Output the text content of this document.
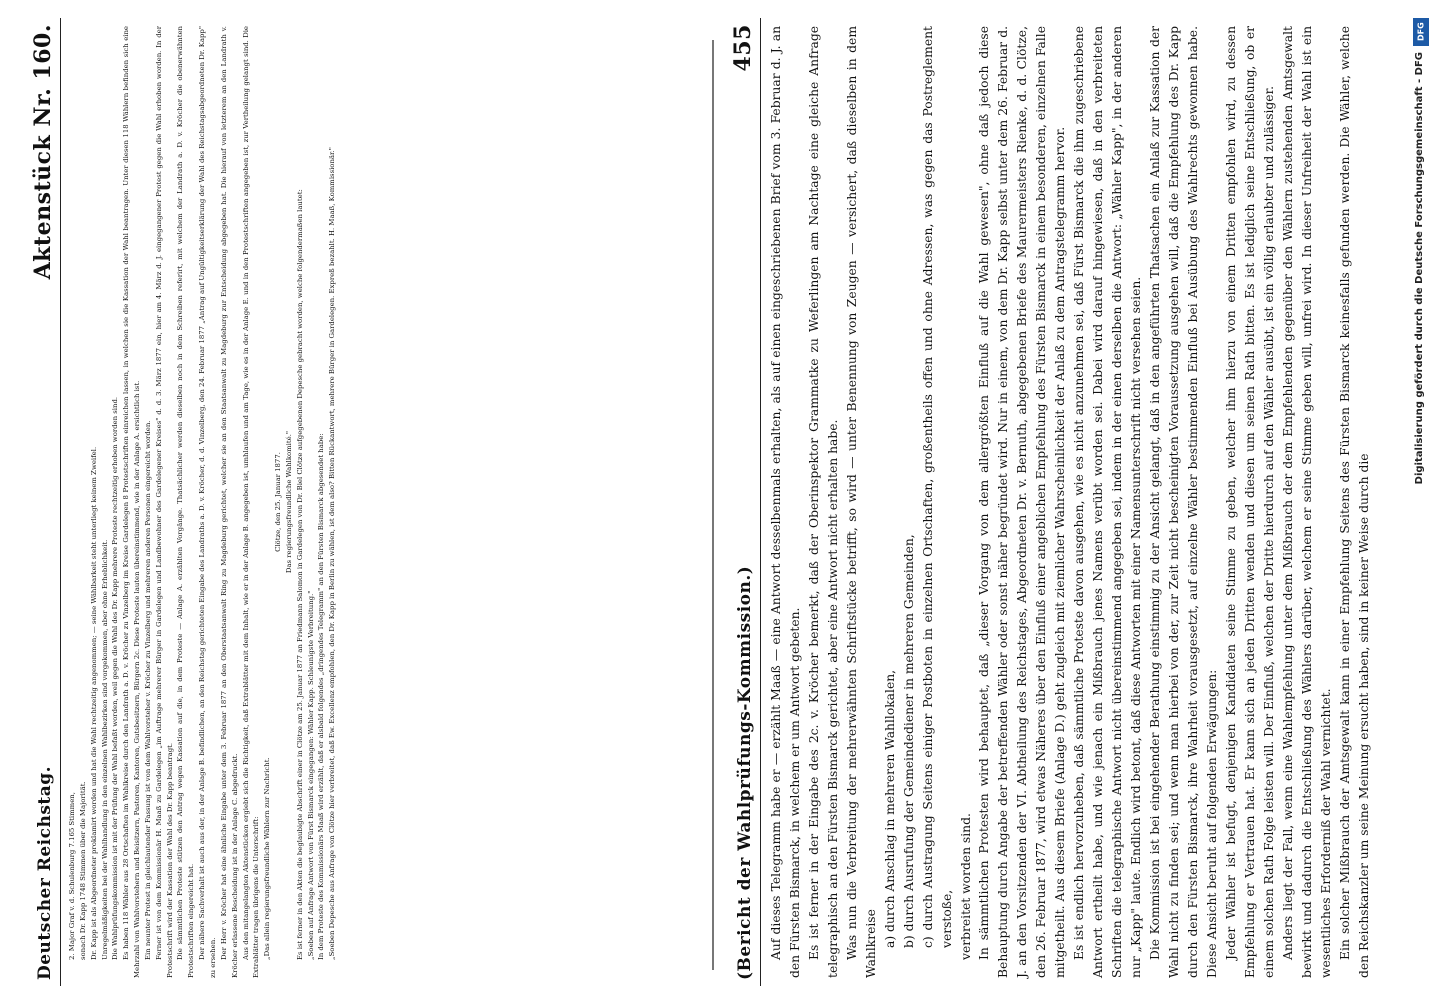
Deutscher Reichstag.
Aktenstück Nr. 160.

2. Major Graf v. d. Schulenburg 7.165 Stimmen, sonach Dr. Kapp 1748 Stimmen über die Majorität. Dr. Kapp ist als Abgeordneter proklamirt worden und hat die Wahl rechtzeitig angenommen; — seine Wählbarkeit steht unterliegt keinem Zweifel. Unregelmäßigkeiten bei der Wahlhandlung in den einzelnen Wahlbezirken sind vorgekommen, aber ohne Erheblichkeit. Die Wahlprüfungskommission ist mit der Prüfung der Wahl befaßt worden, weil gegen die Wahl des Dr. Kapp mehrere Proteste rechtzeitig erhoben worden sind. Es haben 118 Wähler aus 28 Ortschaften im Wahlkreise durch den Landrath a. D. v. Kröcher zu Vinzelberg im Kreise Gardelegen 8 Protestschriften einreichen lassen, in welchen sie die Kassation der Wahl beantragen. Unter diesen 118 Wählern befinden sich eine Mehrzahl von Wahlvorstehern und Beisitzern, Pastoren, Kantoren, Gutsbesitzern, Bürgern 2c. Diese Proteste lauten übereinstimmend, wie in der Anlage A. ersichtlich ist. Ein neunter Protest in gleichlautender Fassung ist von dem Wahlvorsteher v. Kröcher zu Vinzelberg und mehreren anderen Personen eingereicht worden. Ferner ist von dem Kommissionär H. Maaß zu Gardelegen „im Auftrage mehrerer Bürger in Gardelegen und Landbewohner des Gardelegener Kreises" d. d. 3. März 1877 ein, hier am 4. März d. J. eingegangener Protest gegen die Wahl erhoben worden. In der Protestschrift wird der Kassation der Wahl des Dr. Kapp beantragt. Die sämmtlichen Proteste stützen den Antrag wegen Kassation auf die, in dem Proteste — Anlage A. erzählten Vorgänge. Thatsächlicher werden dieselben noch in dem Schreiben referirt, mit welchem der Landrath a. D. v. Kröcher die obenerwähnten Protestschriften eingereicht hat. Der nähere Sachverhalt ist auch aus der, in der Anlage B. befindlichen, an den Reichstag gerichteten Eingabe des Landraths a. D. v. Kröcher, d. d. Vinzelberg, den 24. Februar 1877 „Antrag auf Ungültigkeitserklärung der Wahl des Reichstagsabgeordneten Dr. Kapp" zu ersehen. Der Herr v. Kröcher hat eine ähnliche Eingabe unter dem 3. Februar 1877 an den Oberstaatsanwalt Ring zu Magdeburg gerichtet, welcher sie an den Staatsanwalt zu Magdeburg zur Entscheidung abgegeben hat. Die hierauf von letzterem an den Landrath v. Kröcher erlassene Bescheidung ist in der Anlage C. abgedruckt. Aus den mitangelangten Aktenstücken ergiebt sich die Richtigkeit, daß Extrablätter mit dem Inhalt, wie er in der Anlage B. angegeben ist, umhlaufen und am Tage, wie es in der Anlage E. und in den Protestschriften angegeben ist, zur Vertheilung gelangt sind. Die Extrablätter tragen übrigens die Unterschrift: „Das allein regierungsfreundliche Wählern zur Nachricht.

Clötze, den 25. Januar 1877. Das regierungsfreundliche Wahlkomité." Es ist ferner in den Akten die beglaubigte Abschrift einer in Clötze am 25. Januar 1877 an Friedmann Salomon in Gardelegen von Dr. Biel Clötze aufgegebenen Depesche gebracht worden, welche folgendermaßen lautet: „Soeben auf Anfrage Antwort von Fürst Bismarck eingegangen: Wähler Kapp. Schleunigste Verbreitung." In dem Proteste des Kommissionärs Maaß wird erzählt, daß er alsbald folgendes „dringendes Telegramm" an den Fürsten Bismarck abgesendet habe: „Soeben Depesche aus Anfrage von Clötze hier verbreitet, daß Ew. Excellenz empfohlen, den Dr. Kapp in Berlin zu wählen, ist dem also? Bitten Rückantwort, mehrere Bürger in Gardelegen. Expreß bezahlt. H. Maaß, Kommissionär."	(Bericht der Wahlprüfungs-Kommission.)
455 Auf dieses Telegramm habe er — erzählt Maaß — eine Antwort desselbenmals erhalten, als auf einen eingeschriebenen Brief vom 3. Februar d. J. an den Fürsten Bismarck, in welchem er um Antwort gebeten. Es ist ferner in der Eingabe des 2c. v. Kröcher bemerkt, daß der Oberinspektor Grammatke zu Weferlingen am Nachtage eine gleiche Anfrage telegraphisch an den Fürsten Bismarck gerichtet, aber eine Antwort nicht erhalten habe. Was nun die Verbreitung der mehrerwähnten Schriftstücke betrifft, so wird — unter Benennung von Zeugen — versichert, daß dieselben in dem Wahlkreise a) durch Anschlag in mehreren Wahllokalen, b) durch Ausrufung der Gemeindediener in mehreren Gemeinden, c) durch Austragung Seitens einiger Postboten in einzelnen Ortschaften, großentheils offen und ohne Adressen, was gegen das Postreglement verstoße, verbreitet worden sind. In sämmtlichen Protesten wird behauptet, daß „dieser Vorgang von dem allergrößten Einfluß auf die Wahl gewesen", ohne daß jedoch diese Behauptung durch Angabe der betreffenden Wähler oder sonst näher begründet wird. Nur in einem, von dem Dr. Kapp selbst unter dem 26. Februar d. J. an den Vorsitzenden der VI. Abtheilung des Reichstages, Abgeordneten Dr. v. Bernuth, abgegebenen Briefe des Maurermeisters Rienke, d. d. Clötze, den 26. Februar 1877, wird etwas Näheres über den Einfluß einer angeblichen Empfehlung des Fürsten Bismarck in einem besonderen, einzelnen Falle mitgetheilt. Aus diesem Briefe (Anlage D.) geht zugleich mit ziemlicher Wahrscheinlichkeit der Anlaß zu dem Antragstelegramm hervor. Es ist endlich hervorzuheben, daß sämmtliche Proteste davon ausgehen, wie es nicht anzunehmen sei, daß Fürst Bismarck die ihm zugeschriebene Antwort ertheilt habe, und wie jenach ein Mißbrauch jenes Namens verübt worden sei. Dabei wird darauf hingewiesen, daß in den verbreiteten Schriften die telegraphische Antwort nicht übereinstimmend angegeben sei, indem in der einen derselben die Antwort: „Wähler Kapp", in der anderen nur „Kapp" laute. Endlich wird betont, daß diese Antworten mit einer Namensunterschrift nicht versehen seien. Die Kommission ist bei eingehender Berathung einstimmig zu der Ansicht gelangt, daß in den angeführten Thatsachen ein Anlaß zur Kassation der Wahl nicht zu finden sei; und wenn man hierbei von der, zur Zeit nicht bescheinigten Voraussetzung ausgehen will, daß die Empfehlung des Dr. Kapp durch den Fürsten Bismarck, ihre Wahrheit vorausgesetzt, auf einzelne Wähler bestimmenden Einfluß bei Ausübung des Wahlrechts gewonnen habe. Diese Ansicht beruht auf folgenden Erwägungen: Jeder Wähler ist befugt, denjenigen Kandidaten seine Stimme zu geben, welcher ihm hierzu von einem Dritten empfohlen wird, zu dessen Empfehlung er Vertrauen hat. Er kann sich an jeden Dritten wenden und diesen um seinen Rath bitten. Es ist lediglich seine Entschließung, ob er einem solchen Rath Folge leisten will. Der Einfluß, welchen der Dritte hierdurch auf den Wähler ausübt, ist ein völlig erlaubter und zulässiger. Anders liegt der Fall, wenn eine Wahlempfehlung unter dem Mißbrauch der dem Empfehlenden gegenüber den Wählern zustehenden Amtsgewalt bewirkt und dadurch die Entschließung des Wählers darüber, welchem er seine Stimme geben will, unfrei wird. In dieser Unfreiheit der Wahl ist ein wesentliches Erforderniß der Wahl vernichtet. Ein solcher Mißbrauch der Amtsgewalt kann in einer Empfehlung Seitens des Fürsten Bismarck keinesfalls gefunden werden. Die Wähler, welche den Reichskanzler um seine Meinung ersucht haben, sind in keiner Weise durch die

DFG
Digitalisierung gefördert durch die Deutsche Forschungsgemeinschaft - DFG
